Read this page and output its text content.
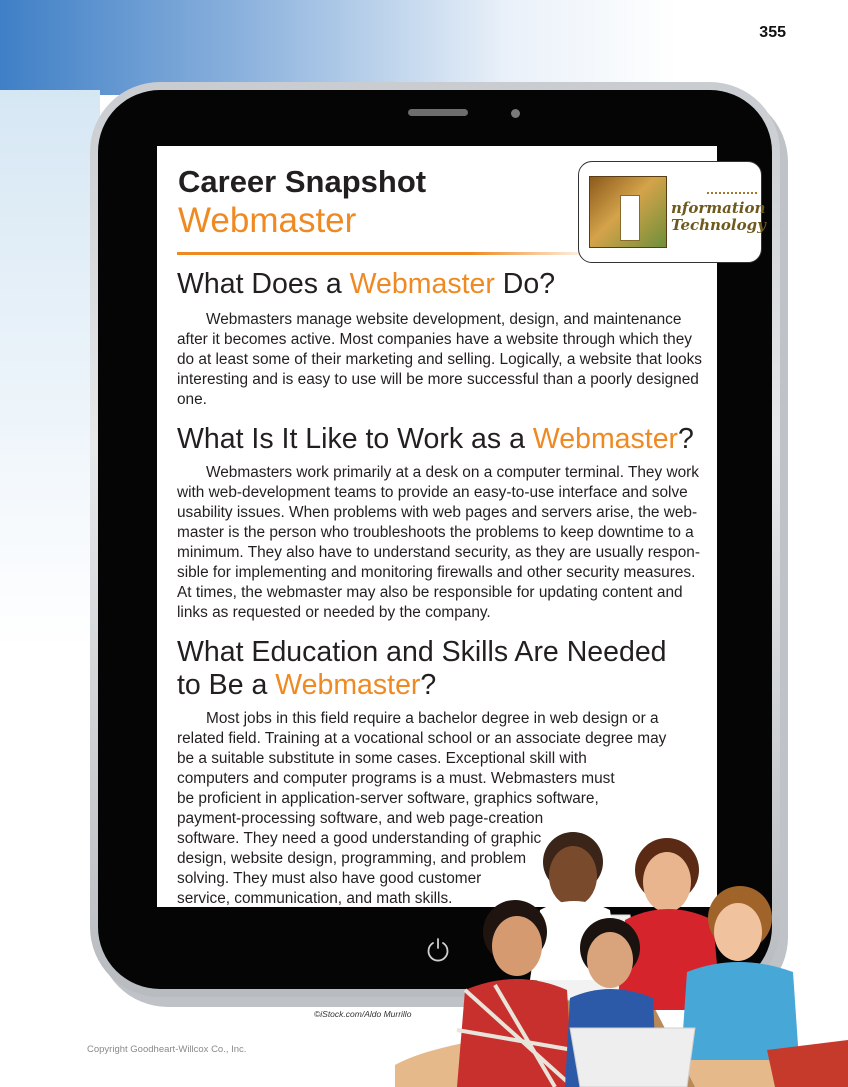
355
Career Snapshot
Webmaster
What Does a Webmaster Do?
Webmasters manage website development, design, and maintenance
after it becomes active. Most companies have a website through which they
do at least some of their marketing and selling. Logically, a website that looks
interesting and is easy to use will be more successful than a poorly designed
one.
What Is It Like to Work as a Webmaster?
Webmasters work primarily at a desk on a computer terminal. They work
with web-development teams to provide an easy-to-use interface and solve
usability issues. When problems with web pages and servers arise, the web-
master is the person who troubleshoots the problems to keep downtime to a
minimum. They also have to understand security, as they are usually respon-
sible for implementing and monitoring firewalls and other security measures.
At times, the webmaster may also be responsible for updating content and
links as requested or needed by the company.
What Education and Skills Are Needed
to Be a Webmaster?
Most jobs in this field require a bachelor degree in web design or a
related field. Training at a vocational school or an associate degree may
be a suitable substitute in some cases. Exceptional skill with
computers and computer programs is a must. Webmasters must
be proficient in application-server software, graphics software,
payment-processing software, and web page-creation
software. They need a good understanding of graphic
design, website design, programming, and problem
solving. They must also have good customer
service, communication, and math skills.
nformation
Technology
©iStock.com/Aldo Murrillo
Copyright Goodheart-Willcox Co., Inc.
